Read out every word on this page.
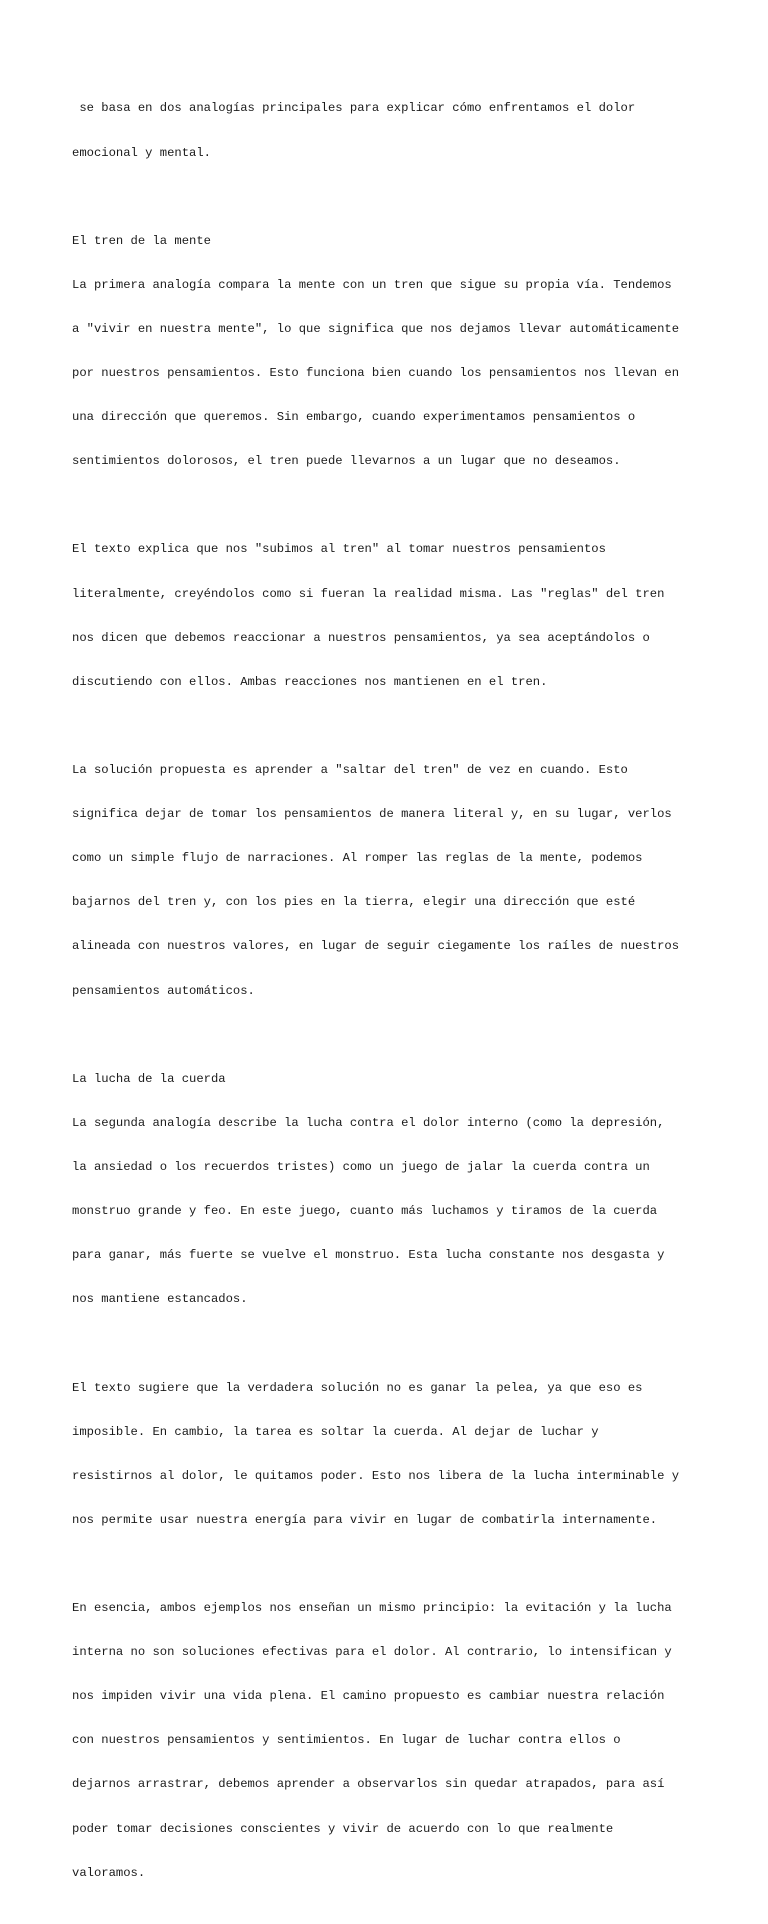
se basa en dos analogías principales para explicar cómo enfrentamos el dolor

emocional y mental.

El tren de la mente

La primera analogía compara la mente con un tren que sigue su propia vía. Tendemos

a "vivir en nuestra mente", lo que significa que nos dejamos llevar automáticamente

por nuestros pensamientos. Esto funciona bien cuando los pensamientos nos llevan en

una dirección que queremos. Sin embargo, cuando experimentamos pensamientos o

sentimientos dolorosos, el tren puede llevarnos a un lugar que no deseamos.

El texto explica que nos "subimos al tren" al tomar nuestros pensamientos

literalmente, creyéndolos como si fueran la realidad misma. Las "reglas" del tren

nos dicen que debemos reaccionar a nuestros pensamientos, ya sea aceptándolos o

discutiendo con ellos. Ambas reacciones nos mantienen en el tren.

La solución propuesta es aprender a "saltar del tren" de vez en cuando. Esto

significa dejar de tomar los pensamientos de manera literal y, en su lugar, verlos

como un simple flujo de narraciones. Al romper las reglas de la mente, podemos

bajarnos del tren y, con los pies en la tierra, elegir una dirección que esté

alineada con nuestros valores, en lugar de seguir ciegamente los raíles de nuestros

pensamientos automáticos.

La lucha de la cuerda

La segunda analogía describe la lucha contra el dolor interno (como la depresión,

la ansiedad o los recuerdos tristes) como un juego de jalar la cuerda contra un

monstruo grande y feo. En este juego, cuanto más luchamos y tiramos de la cuerda

para ganar, más fuerte se vuelve el monstruo. Esta lucha constante nos desgasta y

nos mantiene estancados.

El texto sugiere que la verdadera solución no es ganar la pelea, ya que eso es

imposible. En cambio, la tarea es soltar la cuerda. Al dejar de luchar y

resistirnos al dolor, le quitamos poder. Esto nos libera de la lucha interminable y

nos permite usar nuestra energía para vivir en lugar de combatirla internamente.

En esencia, ambos ejemplos nos enseñan un mismo principio: la evitación y la lucha

interna no son soluciones efectivas para el dolor. Al contrario, lo intensifican y

nos impiden vivir una vida plena. El camino propuesto es cambiar nuestra relación

con nuestros pensamientos y sentimientos. En lugar de luchar contra ellos o

dejarnos arrastrar, debemos aprender a observarlos sin quedar atrapados, para así

poder tomar decisiones conscientes y vivir de acuerdo con lo que realmente

valoramos.
